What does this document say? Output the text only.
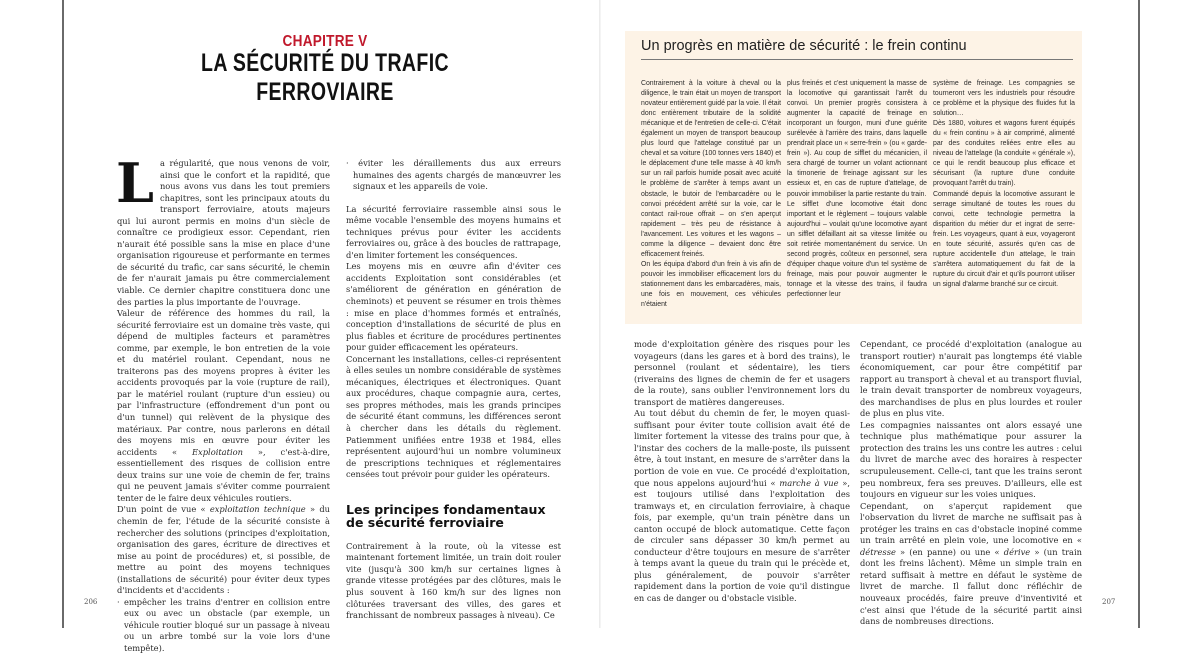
CHAPITRE V
LA SÉCURITÉ DU TRAFIC FERROVIAIRE

La régularité, que nous venons de voir, ainsi que le confort et la rapidité, que nous avons vus dans les tout premiers chapitres, sont les principaux atouts du transport ferroviaire, atouts majeurs qui lui auront permis en moins d'un siècle de connaître ce prodigieux essor. Cependant, rien n'aurait été possible sans la mise en place d'une organisation rigoureuse et performante en termes de sécurité du trafic, car sans sécurité, le chemin de fer n'aurait jamais pu être commercialement viable. Ce dernier chapitre constituera donc une des parties la plus importante de l'ouvrage.

Valeur de référence des hommes du rail, la sécurité ferroviaire est un domaine très vaste, qui dépend de multiples facteurs et paramètres comme, par exemple, le bon entretien de la voie et du matériel roulant. Cependant, nous ne traiterons pas des moyens propres à éviter les accidents provoqués par la voie (rupture de rail), par le matériel roulant (rupture d'un essieu) ou par l'infrastructure (effondrement d'un pont ou d'un tunnel) qui relèvent de la physique des matériaux. Par contre, nous parlerons en détail des moyens mis en œuvre pour éviter les accidents « Exploitation », c'est-à-dire, essentiellement des risques de collision entre deux trains sur une voie de chemin de fer, trains qui ne peuvent jamais s'éviter comme pourraient tenter de le faire deux véhicules routiers.

D'un point de vue « exploitation technique » du chemin de fer, l'étude de la sécurité consiste à rechercher des solutions (principes d'exploitation, organisation des gares, écriture de directives et mise au point de procédures) et, si possible, de mettre au point des moyens techniques (installations de sécurité) pour éviter deux types d'incidents et d'accidents :

· empêcher les trains d'entrer en collision entre eux ou avec un obstacle (par exemple, un véhicule routier bloqué sur un passage à niveau ou un arbre tombé sur la voie lors d'une tempête).

· éviter les déraillements dus aux erreurs humaines des agents chargés de manœuvrer les signaux et les appareils de voie.

La sécurité ferroviaire rassemble ainsi sous le même vocable l'ensemble des moyens humains et techniques prévus pour éviter les accidents ferroviaires ou, grâce à des boucles de rattrapage, d'en limiter fortement les conséquences.

Les moyens mis en œuvre afin d'éviter ces accidents Exploitation sont considérables (et s'améliorent de génération en génération de cheminots) et peuvent se résumer en trois thèmes : mise en place d'hommes formés et entraînés, conception d'installations de sécurité de plus en plus fiables et écriture de procédures pertinentes pour guider efficacement les opérateurs.

Concernant les installations, celles-ci représentent à elles seules un nombre considérable de systèmes mécaniques, électriques et électroniques. Quant aux procédures, chaque compagnie aura, certes, ses propres méthodes, mais les grands principes de sécurité étant communs, les différences seront à chercher dans les détails du règlement. Patiemment unifiées entre 1938 et 1984, elles représentent aujourd'hui un nombre volumineux de prescriptions techniques et réglementaires censées tout prévoir pour guider les opérateurs.

Les principes fondamentaux
de sécurité ferroviaire

Contrairement à la route, où la vitesse est maintenant fortement limitée, un train doit rouler vite (jusqu'à 300 km/h sur certaines lignes à grande vitesse protégées par des clôtures, mais le plus souvent à 160 km/h sur des lignes non clôturées traversant des villes, des gares et franchissant de nombreux passages à niveau). Ce

206
Un progrès en matière de sécurité : le frein continu

Contrairement à la voiture à cheval ou la diligence, le train était un moyen de transport novateur entièrement guidé par la voie. Il était donc entièrement tributaire de la solidité mécanique et de l'entretien de celle-ci. C'était également un moyen de transport beaucoup plus lourd que l'attelage constitué par un cheval et sa voiture (100 tonnes vers 1840) et le déplacement d'une telle masse à 40 km/h sur un rail parfois humide posait avec acuité le problème de s'arrêter à temps avant un obstacle, le butoir de l'embarcadère ou le convoi précédent arrêté sur la voie, car le contact rail-roue offrait – on s'en aperçut rapidement – très peu de résistance à l'avancement. Les voitures et les wagons – comme la diligence – devaient donc être efficacement freinés.

On les équipa d'abord d'un frein à vis afin de pouvoir les immobiliser efficacement lors du stationnement dans les embarcadères, mais, une fois en mouvement, ces véhicules n'étaient

plus freinés et c'est uniquement la masse de la locomotive qui garantissait l'arrêt du convoi. Un premier progrès consistera à augmenter la capacité de freinage en incorporant un fourgon, muni d'une guérite surélevée à l'arrière des trains, dans laquelle prendrait place un « serre-frein » (ou « garde-frein »). Au coup de sifflet du mécanicien, il sera chargé de tourner un volant actionnant la timonerie de freinage agissant sur les essieux et, en cas de rupture d'attelage, de pouvoir immobiliser la partie restante du train.

Le sifflet d'une locomotive était donc important et le règlement – toujours valable aujourd'hui – voulait qu'une locomotive ayant un sifflet défaillant ait sa vitesse limitée ou soit retirée momentanément du service. Un second progrès, coûteux en personnel, sera d'équiper chaque voiture d'un tel système de freinage, mais pour pouvoir augmenter le tonnage et la vitesse des trains, il faudra perfectionner leur

système de freinage. Les compagnies se tourneront vers les industriels pour résoudre ce problème et la physique des fluides fut la solution…

Dès 1880, voitures et wagons furent équipés du « frein continu » à air comprimé, alimenté par des conduites reliées entre elles au niveau de l'attelage (la conduite « générale »), ce qui le rendit beaucoup plus efficace et sécurisant (la rupture d'une conduite provoquant l'arrêt du train).

Commandé depuis la locomotive assurant le serrage simultané de toutes les roues du convoi, cette technologie permettra la disparition du métier dur et ingrat de serre-frein. Les voyageurs, quant à eux, voyageront en toute sécurité, assurés qu'en cas de rupture accidentelle d'un attelage, le train s'arrêtera automatiquement du fait de la rupture du circuit d'air et qu'ils pourront utiliser un signal d'alarme branché sur ce circuit.

mode d'exploitation génère des risques pour les voyageurs (dans les gares et à bord des trains), le personnel (roulant et sédentaire), les tiers (riverains des lignes de chemin de fer et usagers de la route), sans oublier l'environnement lors du transport de matières dangereuses.

Au tout début du chemin de fer, le moyen quasi-suffisant pour éviter toute collision avait été de limiter fortement la vitesse des trains pour que, à l'instar des cochers de la malle-poste, ils puissent être, à tout instant, en mesure de s'arrêter dans la portion de voie en vue. Ce procédé d'exploitation, que nous appelons aujourd'hui « marche à vue », est toujours utilisé dans l'exploitation des tramways et, en circulation ferroviaire, à chaque fois, par exemple, qu'un train pénètre dans un canton occupé de block automatique. Cette façon de circuler sans dépasser 30 km/h permet au conducteur d'être toujours en mesure de s'arrêter à temps avant la queue du train qui le précède et, plus généralement, de pouvoir s'arrêter rapidement dans la portion de voie qu'il distingue en cas de danger ou d'obstacle visible.

Cependant, ce procédé d'exploitation (analogue au transport routier) n'aurait pas longtemps été viable économiquement, car pour être compétitif par rapport au transport à cheval et au transport fluvial, le train devait transporter de nombreux voyageurs, des marchandises de plus en plus lourdes et rouler de plus en plus vite.

Les compagnies naissantes ont alors essayé une technique plus mathématique pour assurer la protection des trains les uns contre les autres : celui du livret de marche avec des horaires à respecter scrupuleusement. Celle-ci, tant que les trains seront peu nombreux, fera ses preuves. D'ailleurs, elle est toujours en vigueur sur les voies uniques.

Cependant, on s'aperçut rapidement que l'observation du livret de marche ne suffisait pas à protéger les trains en cas d'obstacle inopiné comme un train arrêté en plein voie, une locomotive en « détresse » (en panne) ou une « dérive » (un train dont les freins lâchent). Même un simple train en retard suffisait à mettre en défaut le système de livret de marche. Il fallut donc réfléchir de nouveaux procédés, faire preuve d'inventivité et c'est ainsi que l'étude de la sécurité partit ainsi dans de nombreuses directions.

207
